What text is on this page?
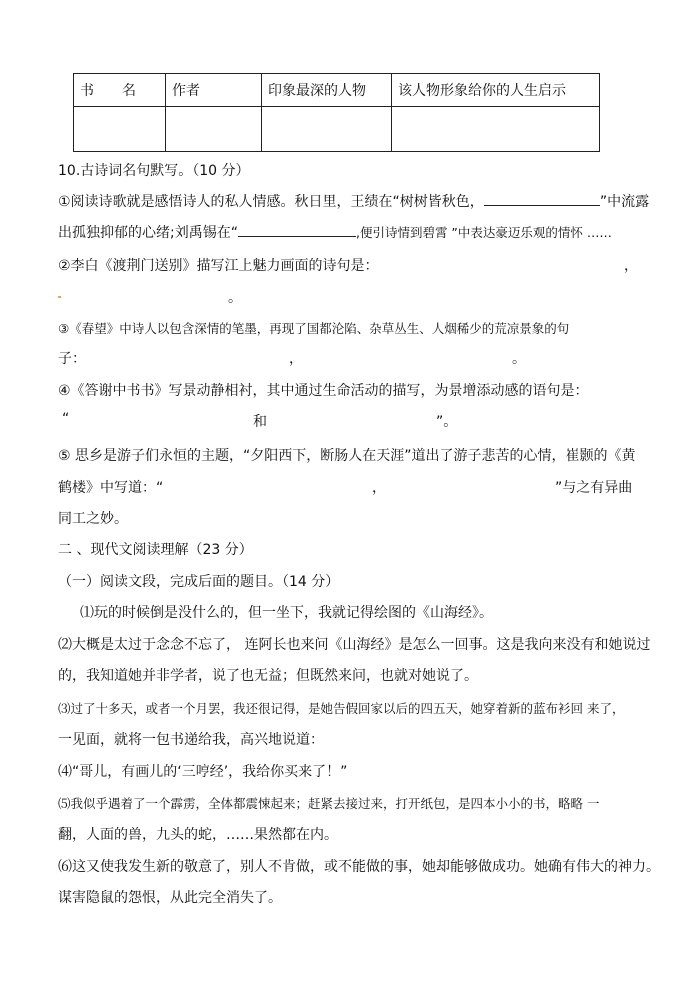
书　　名	作者	印象最深的人物	该人物形象给你的人生启示

10.古诗词名句默写。（10 分）
①阅读诗歌就是感悟诗人的私人情感。秋日里，王绩在“树树皆秋色，	”中流露
出孤独抑郁的心绪;刘禹锡在“	,便引诗情到碧霄 ”中表达豪迈乐观的情怀 ……
②李白《渡荆门送别》描写江上魅力画面的诗句是：	，
。
③《春望》中诗人以包含深情的笔墨，再现了国都沦陷、杂草丛生、人烟稀少的荒凉景象的句
子：	，	。
④《答谢中书书》写景动静相衬，其中通过生命活动的描写，为景增添动感的语句是：
“	和	”。
⑤ 思乡是游子们永恒的主题，“夕阳西下，断肠人在天涯”道出了游子悲苦的心情，崔颢的《黄
鹤楼》中写道：“	，	”与之有异曲
同工之妙。
二 、现代文阅读理解（23 分）
（一）阅读文段，完成后面的题目。（14 分）
⑴玩的时候倒是没什么的，但一坐下，我就记得绘图的《山海经》。
⑵大概是太过于念念不忘了， 连阿长也来问《山海经》是怎么一回事。这是我向来没有和她说过
的，我知道她并非学者，说了也无益；但既然来问，也就对她说了。
⑶过了十多天，或者一个月罢，我还很记得，是她告假回家以后的四五天，她穿着新的蓝布衫回 来了，
一见面，就将一包书递给我，高兴地说道：
⑷“哥儿，有画儿的‘三哼经’，我给你买来了！”
⑸我似乎遇着了一个霹雳，全体都震悚起来；赶紧去接过来，打开纸包，是四本小小的书，略略 一
翻，人面的兽，九头的蛇，……果然都在内。
⑹这又使我发生新的敬意了，别人不肯做，或不能做的事，她却能够做成功。她确有伟大的神力。
谋害隐鼠的怨恨，从此完全消失了。
